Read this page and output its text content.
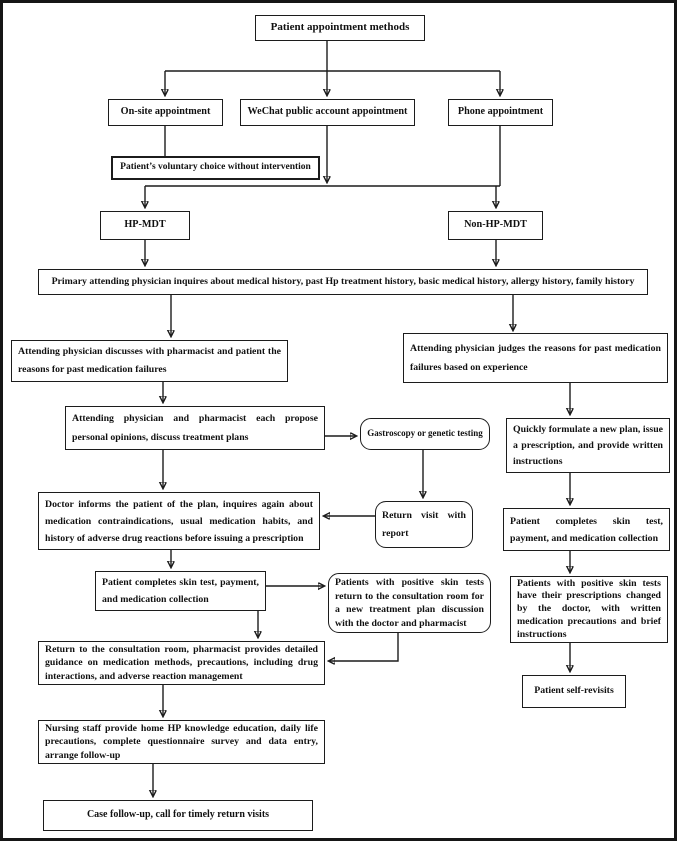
Patient appointment methods
On-site appointment	WeChat public account appointment	Phone appointment
Patient’s voluntary choice without intervention
HP-MDT	Non-HP-MDT
Primary attending physician inquires about medical history, past Hp treatment history, basic medical history, allergy history, family history
Attending physician discusses with pharmacist and patient the reasons for past medication failures
Attending physician judges the reasons for past medication failures based on experience
Attending physician and pharmacist each propose personal opinions, discuss treatment plans	Gastroscopy or genetic testing	Quickly formulate a new plan, issue a prescription, and provide written instructions
Doctor informs the patient of the plan, inquires again about medication contraindications, usual medication habits, and history of adverse drug reactions before issuing a prescription
Return visit with report
Patient completes skin test, payment, and medication collection
Patient completes skin test, payment, and medication collection
Patients with positive skin tests return to the consultation room for a new treatment plan discussion with the doctor and pharmacist
Patients with positive skin tests have their prescriptions changed by the doctor, with written medication precautions and brief instructions
Return to the consultation room, pharmacist provides detailed guidance on medication methods, precautions, including drug interactions, and adverse reaction management
Patient self-revisits
Nursing staff provide home HP knowledge education, daily life precautions, complete questionnaire survey and data entry, arrange follow-up
Case follow-up, call for timely return visits
